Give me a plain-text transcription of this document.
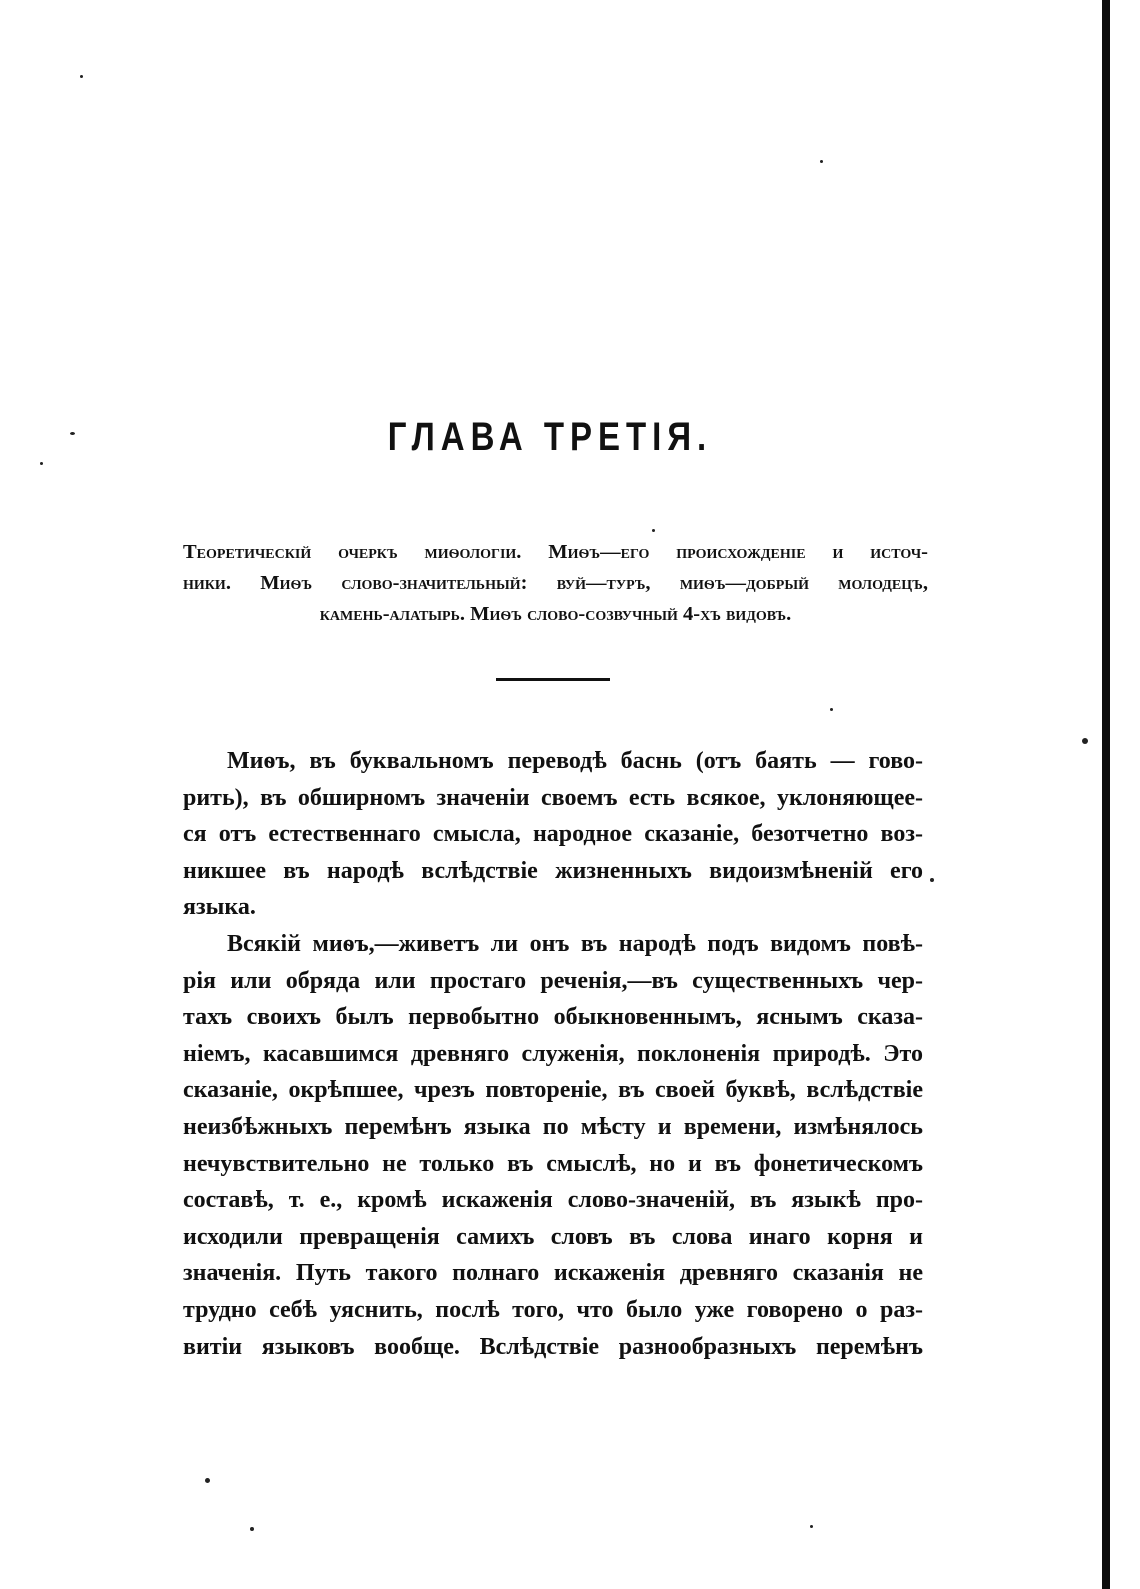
ГЛАВА ТРЕТІЯ.
Теоретическій очеркъ миѳологіи. Миѳъ—его происхожденіе и источ-
ники. Миѳъ слово-значительный: вуй—туръ, миѳъ—добрый молодецъ,
камень-алатырь. Миѳъ слово-созвучный 4-хъ видовъ.
Миѳъ, въ буквальномъ переводѣ баснь (отъ баять — гово-
рить), въ обширномъ значеніи своемъ есть всякое, уклоняющее-
ся отъ естественнаго смысла, народное сказаніе, безотчетно воз-
никшее въ народѣ вслѣдствіе жизненныхъ видоизмѣненій его
языка.
Всякій миѳъ,—живетъ ли онъ въ народѣ подъ видомъ повѣ-
рія или обряда или простаго реченія,—въ существенныхъ чер-
тахъ своихъ былъ первобытно обыкновеннымъ, яснымъ сказа-
ніемъ, касавшимся древняго служенія, поклоненія природѣ. Это
сказаніе, окрѣпшее, чрезъ повтореніе, въ своей буквѣ, вслѣдствіе
неизбѣжныхъ перемѣнъ языка по мѣсту и времени, измѣнялось
нечувствительно не только въ смыслѣ, но и въ фонетическомъ
составѣ, т. е., кромѣ искаженія слово-значеній, въ языкѣ про-
исходили превращенія самихъ словъ въ слова инаго корня и
значенія. Путь такого полнаго искаженія древняго сказанія не
трудно себѣ уяснить, послѣ того, что было уже говорено о раз-
витіи языковъ вообще. Вслѣдствіе разнообразныхъ перемѣнъ
